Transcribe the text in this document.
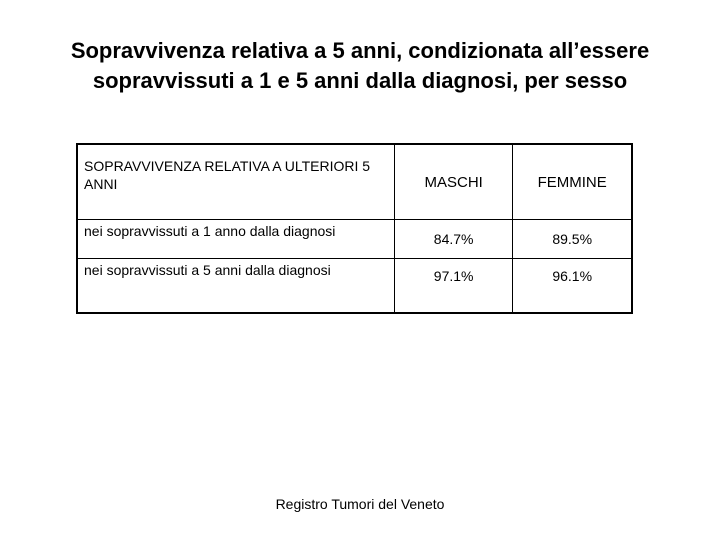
Sopravvivenza relativa a 5 anni, condizionata all’essere
sopravvissuti a 1 e 5 anni dalla diagnosi, per sesso
SOPRAVVIVENZA RELATIVA A ULTERIORI 5 ANNI	MASCHI	FEMMINE
nei sopravvissuti a 1 anno dalla diagnosi	84.7%	89.5%
nei sopravvissuti a 5 anni dalla diagnosi	97.1%	96.1%
Registro Tumori del Veneto
